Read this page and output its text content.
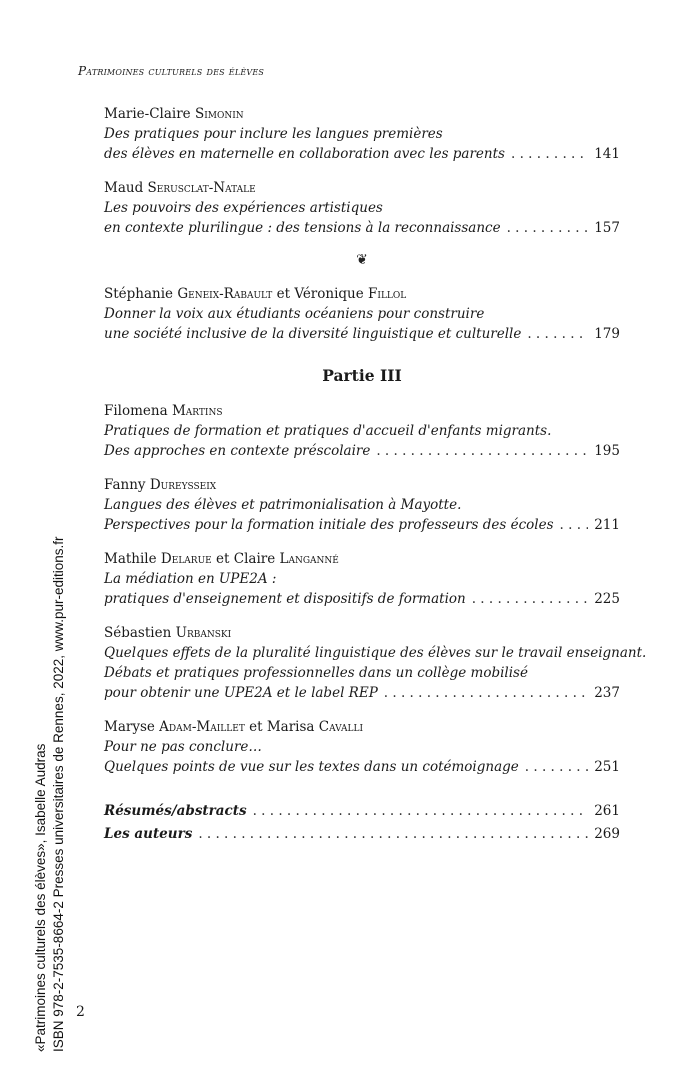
Patrimoines culturels des élèves
Marie-Claire Simonin
Des pratiques pour inclure les langues premières
des élèves en maternelle en collaboration avec les parents . . .	141
Maud Serusclat-Natale
Les pouvoirs des expériences artistiques
en contexte plurilingue : des tensions à la reconnaissance . . .	157
❦
Stéphanie Geneix-Rabault et Véronique Fillol
Donner la voix aux étudiants océaniens pour construire
une société inclusive de la diversité linguistique et culturelle . . .	179
Partie III
Filomena Martins
Pratiques de formation et pratiques d'accueil d'enfants migrants.
Des approches en contexte préscolaire . . .	195
Fanny Dureysseix
Langues des élèves et patrimonialisation à Mayotte.
Perspectives pour la formation initiale des professeurs des écoles . . .	211
Mathile Delarue et Claire Langanné
La médiation en UPE2A :
pratiques d'enseignement et dispositifs de formation . . .	225
Sébastien Urbanski
Quelques effets de la pluralité linguistique des élèves sur le travail enseignant.
Débats et pratiques professionnelles dans un collège mobilisé
pour obtenir une UPE2A et le label REP . . .	237
Maryse Adam-Maillet et Marisa Cavalli
Pour ne pas conclure…
Quelques points de vue sur les textes dans un cotémoignage . . .	251
Résumés/abstracts . . .	261
Les auteurs . . .	269
2
«Patrimoines culturels des élèves», Isabelle Audras ISBN 978-2-7535-8664-2 Presses universitaires de Rennes, 2022, www.pur-editions.fr
